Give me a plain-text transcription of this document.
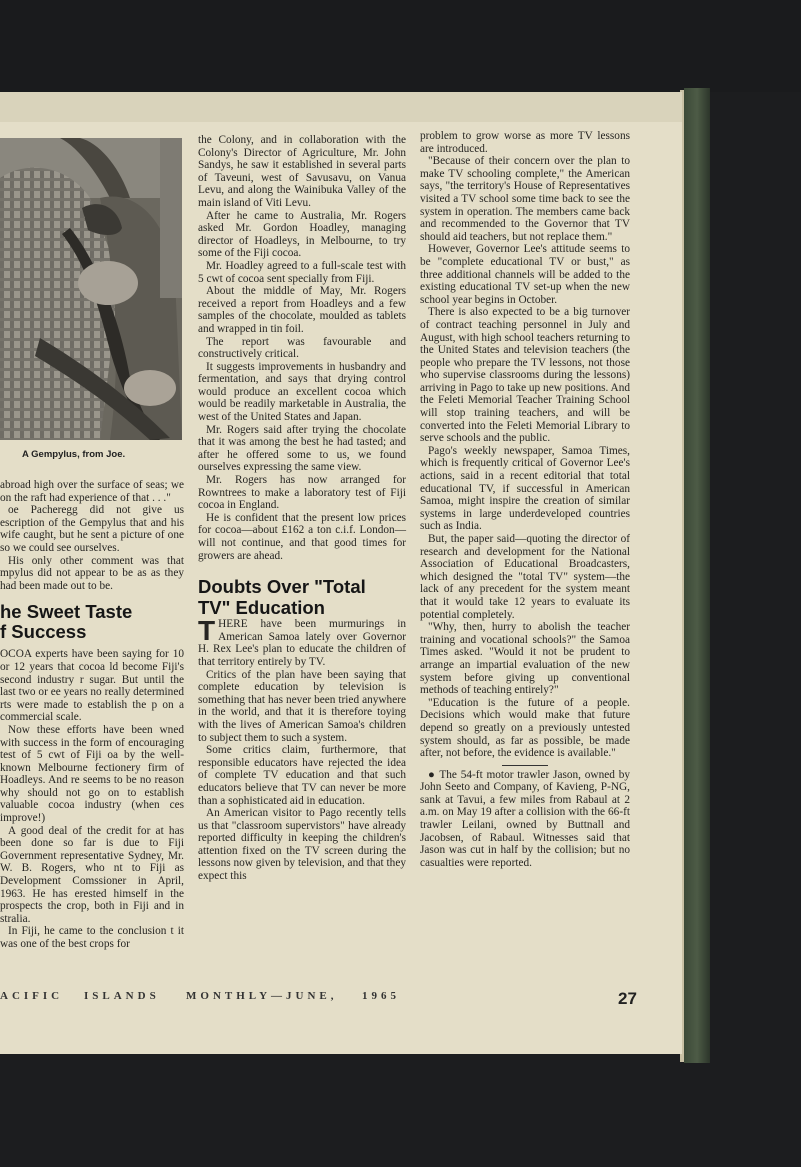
A Gempylus, from Joe.

abroad high over the surface of seas; we on the raft had experience of that . . ."

oe Pacheregg did not give us escription of the Gempylus that and his wife caught, but he sent a picture of one so we could see ourselves.

His only other comment was that mpylus did not appear to be as as they had been made out to be.

he Sweet Taste
f Success

OCOA experts have been saying for 10 or 12 years that cocoa ld become Fiji's second industry r sugar. But until the last two or ee years no really determined rts were made to establish the p on a commercial scale.

Now these efforts have been wned with success in the form of encouraging test of 5 cwt of Fiji oa by the well-known Melbourne fectionery firm of Hoadleys. And re seems to be no reason why should not go on to establish valuable cocoa industry (when ces improve!)

A good deal of the credit for at has been done so far is due to Fiji Government representative Sydney, Mr. W. B. Rogers, who nt to Fiji as Development Comssioner in April, 1963. He has erested himself in the prospects the crop, both in Fiji and in stralia.

In Fiji, he came to the conclusion t it was one of the best crops for

the Colony, and in collaboration with the Colony's Director of Agriculture, Mr. John Sandys, he saw it established in several parts of Taveuni, west of Savusavu, on Vanua Levu, and along the Wainibuka Valley of the main island of Viti Levu.

After he came to Australia, Mr. Rogers asked Mr. Gordon Hoadley, managing director of Hoadleys, in Melbourne, to try some of the Fiji cocoa.

Mr. Hoadley agreed to a full-scale test with 5 cwt of cocoa sent specially from Fiji.

About the middle of May, Mr. Rogers received a report from Hoadleys and a few samples of the chocolate, moulded as tablets and wrapped in tin foil.

The report was favourable and constructively critical.

It suggests improvements in husbandry and fermentation, and says that drying control would produce an excellent cocoa which would be readily marketable in Australia, the west of the United States and Japan.

Mr. Rogers said after trying the chocolate that it was among the best he had tasted; and after he offered some to us, we found ourselves expressing the same view.

Mr. Rogers has now arranged for Rowntrees to make a laboratory test of Fiji cocoa in England.

He is confident that the present low prices for cocoa—about £162 a ton c.i.f. London—will not continue, and that good times for growers are ahead.

Doubts Over "Total
TV" Education

THERE have been murmurings in American Samoa lately over Governor H. Rex Lee's plan to educate the children of that territory entirely by TV.

Critics of the plan have been saying that complete education by television is something that has never been tried anywhere in the world, and that it is therefore toying with the lives of American Samoa's children to subject them to such a system.

Some critics claim, furthermore, that responsible educators have rejected the idea of complete TV education and that such educators believe that TV can never be more than a sophisticated aid in education.

An American visitor to Pago recently tells us that "classroom supervistors" have already reported difficulty in keeping the children's attention fixed on the TV screen during the lessons now given by television, and that they expect this

problem to grow worse as more TV lessons are introduced.

"Because of their concern over the plan to make TV schooling complete," the American says, "the territory's House of Representatives visited a TV school some time back to see the system in operation. The members came back and recommended to the Governor that TV should aid teachers, but not replace them."

However, Governor Lee's attitude seems to be "complete educational TV or bust," as three additional channels will be added to the existing educational TV set-up when the new school year begins in October.

There is also expected to be a big turnover of contract teaching personnel in July and August, with high school teachers returning to the United States and television teachers (the people who prepare the TV lessons, not those who supervise classrooms during the lessons) arriving in Pago to take up new positions. And the Feleti Memorial Teacher Training School will stop training teachers, and will be converted into the Feleti Memorial Library to serve schools and the public.

Pago's weekly newspaper, Samoa Times, which is frequently critical of Governor Lee's actions, said in a recent editorial that total educational TV, if successful in American Samoa, might inspire the creation of similar systems in large underdeveloped countries such as India.

But, the paper said—quoting the director of research and development for the National Association of Educational Broadcasters, which designed the "total TV" system—the lack of any precedent for the system meant that it would take 12 years to evaluate its potential completely.

"Why, then, hurry to abolish the teacher training and vocational schools?" the Samoa Times asked. "Would it not be prudent to arrange an impartial evaluation of the new system before giving up conventional methods of teaching entirely?"

"Education is the future of a people. Decisions which would make that future depend so greatly on a previously untested system should, as far as possible, be made after, not before, the evidence is available."

● The 54-ft motor trawler Jason, owned by John Seeto and Company, of Kavieng, P-NG, sank at Tavui, a few miles from Rabaul at 2 a.m. on May 19 after a collision with the 66-ft trawler Leilani, owned by Buttnall and Jacobsen, of Rabaul. Witnesses said that Jason was cut in half by the collision; but no casualties were reported.

ACIFIC ISLANDS MONTHLY—JUNE, 1965	27
